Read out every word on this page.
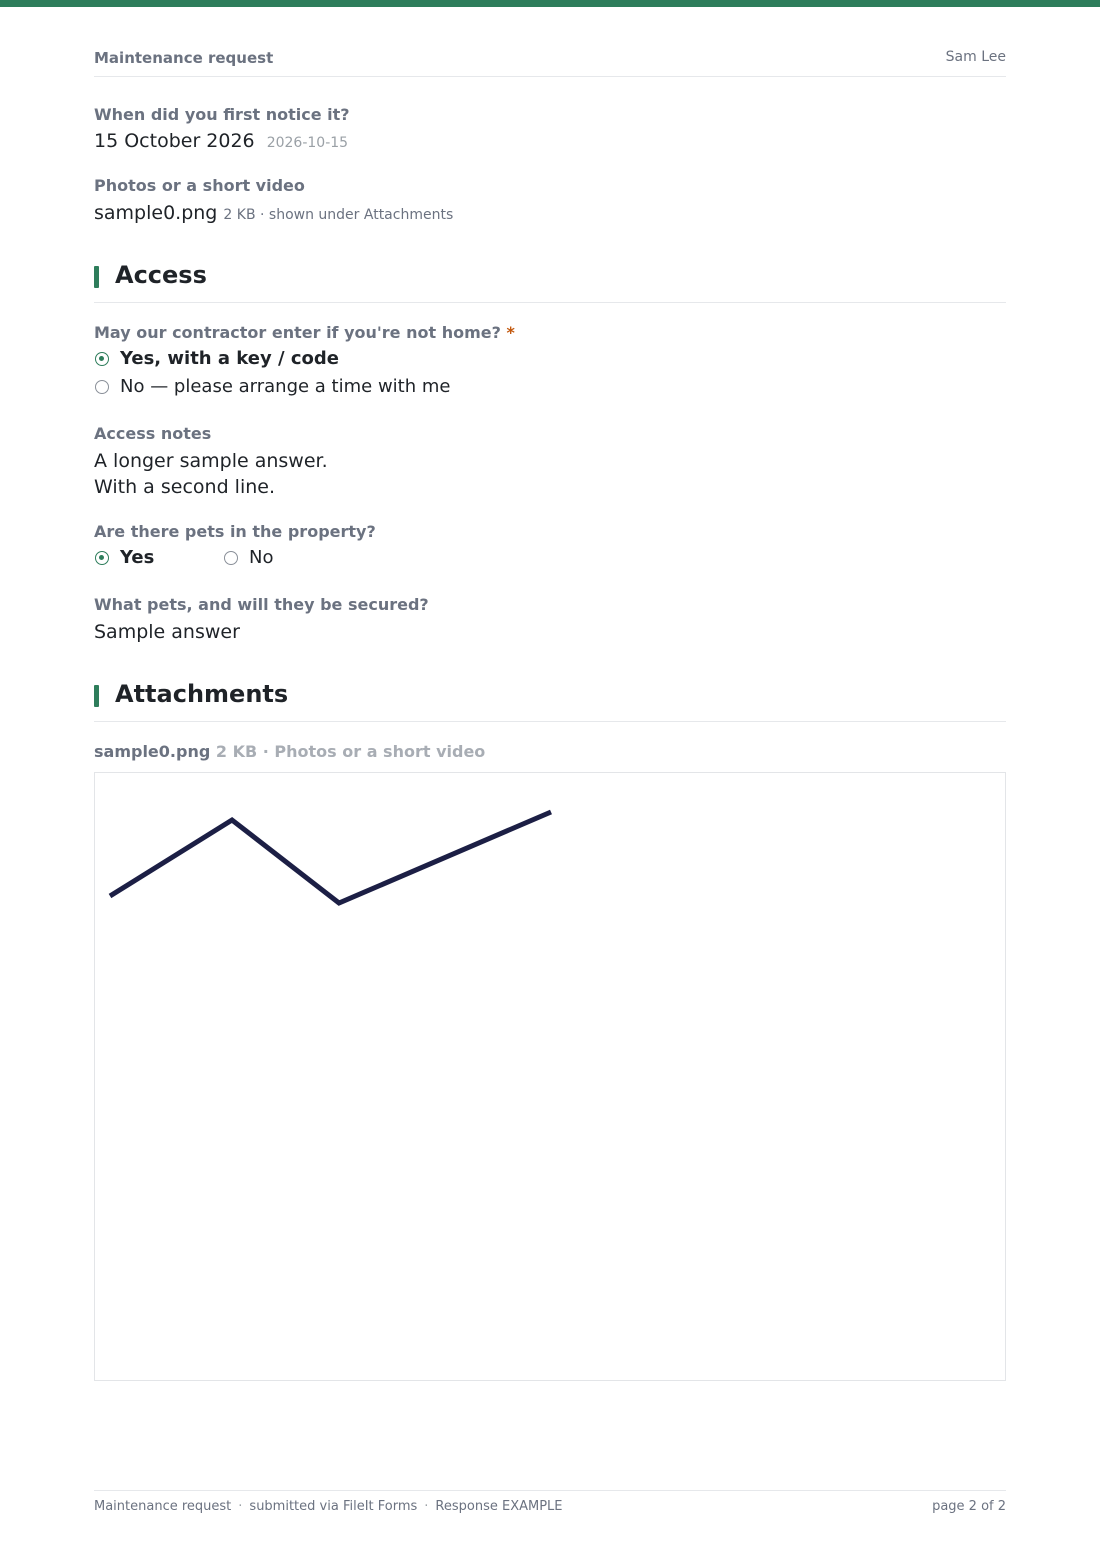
Maintenance request	Sam Lee
When did you first notice it?
15 October 2026 2026-10-15
Photos or a short video
sample0.png 2 KB · shown under Attachments
Access
May our contractor enter if you're not home? *
Yes, with a key / code
No — please arrange a time with me
Access notes
A longer sample answer.
With a second line.
Are there pets in the property?
Yes	No
What pets, and will they be secured?
Sample answer
Attachments
sample0.png 2 KB · Photos or a short video
Maintenance request · submitted via FileIt Forms · Response EXAMPLE	page 2 of 2
